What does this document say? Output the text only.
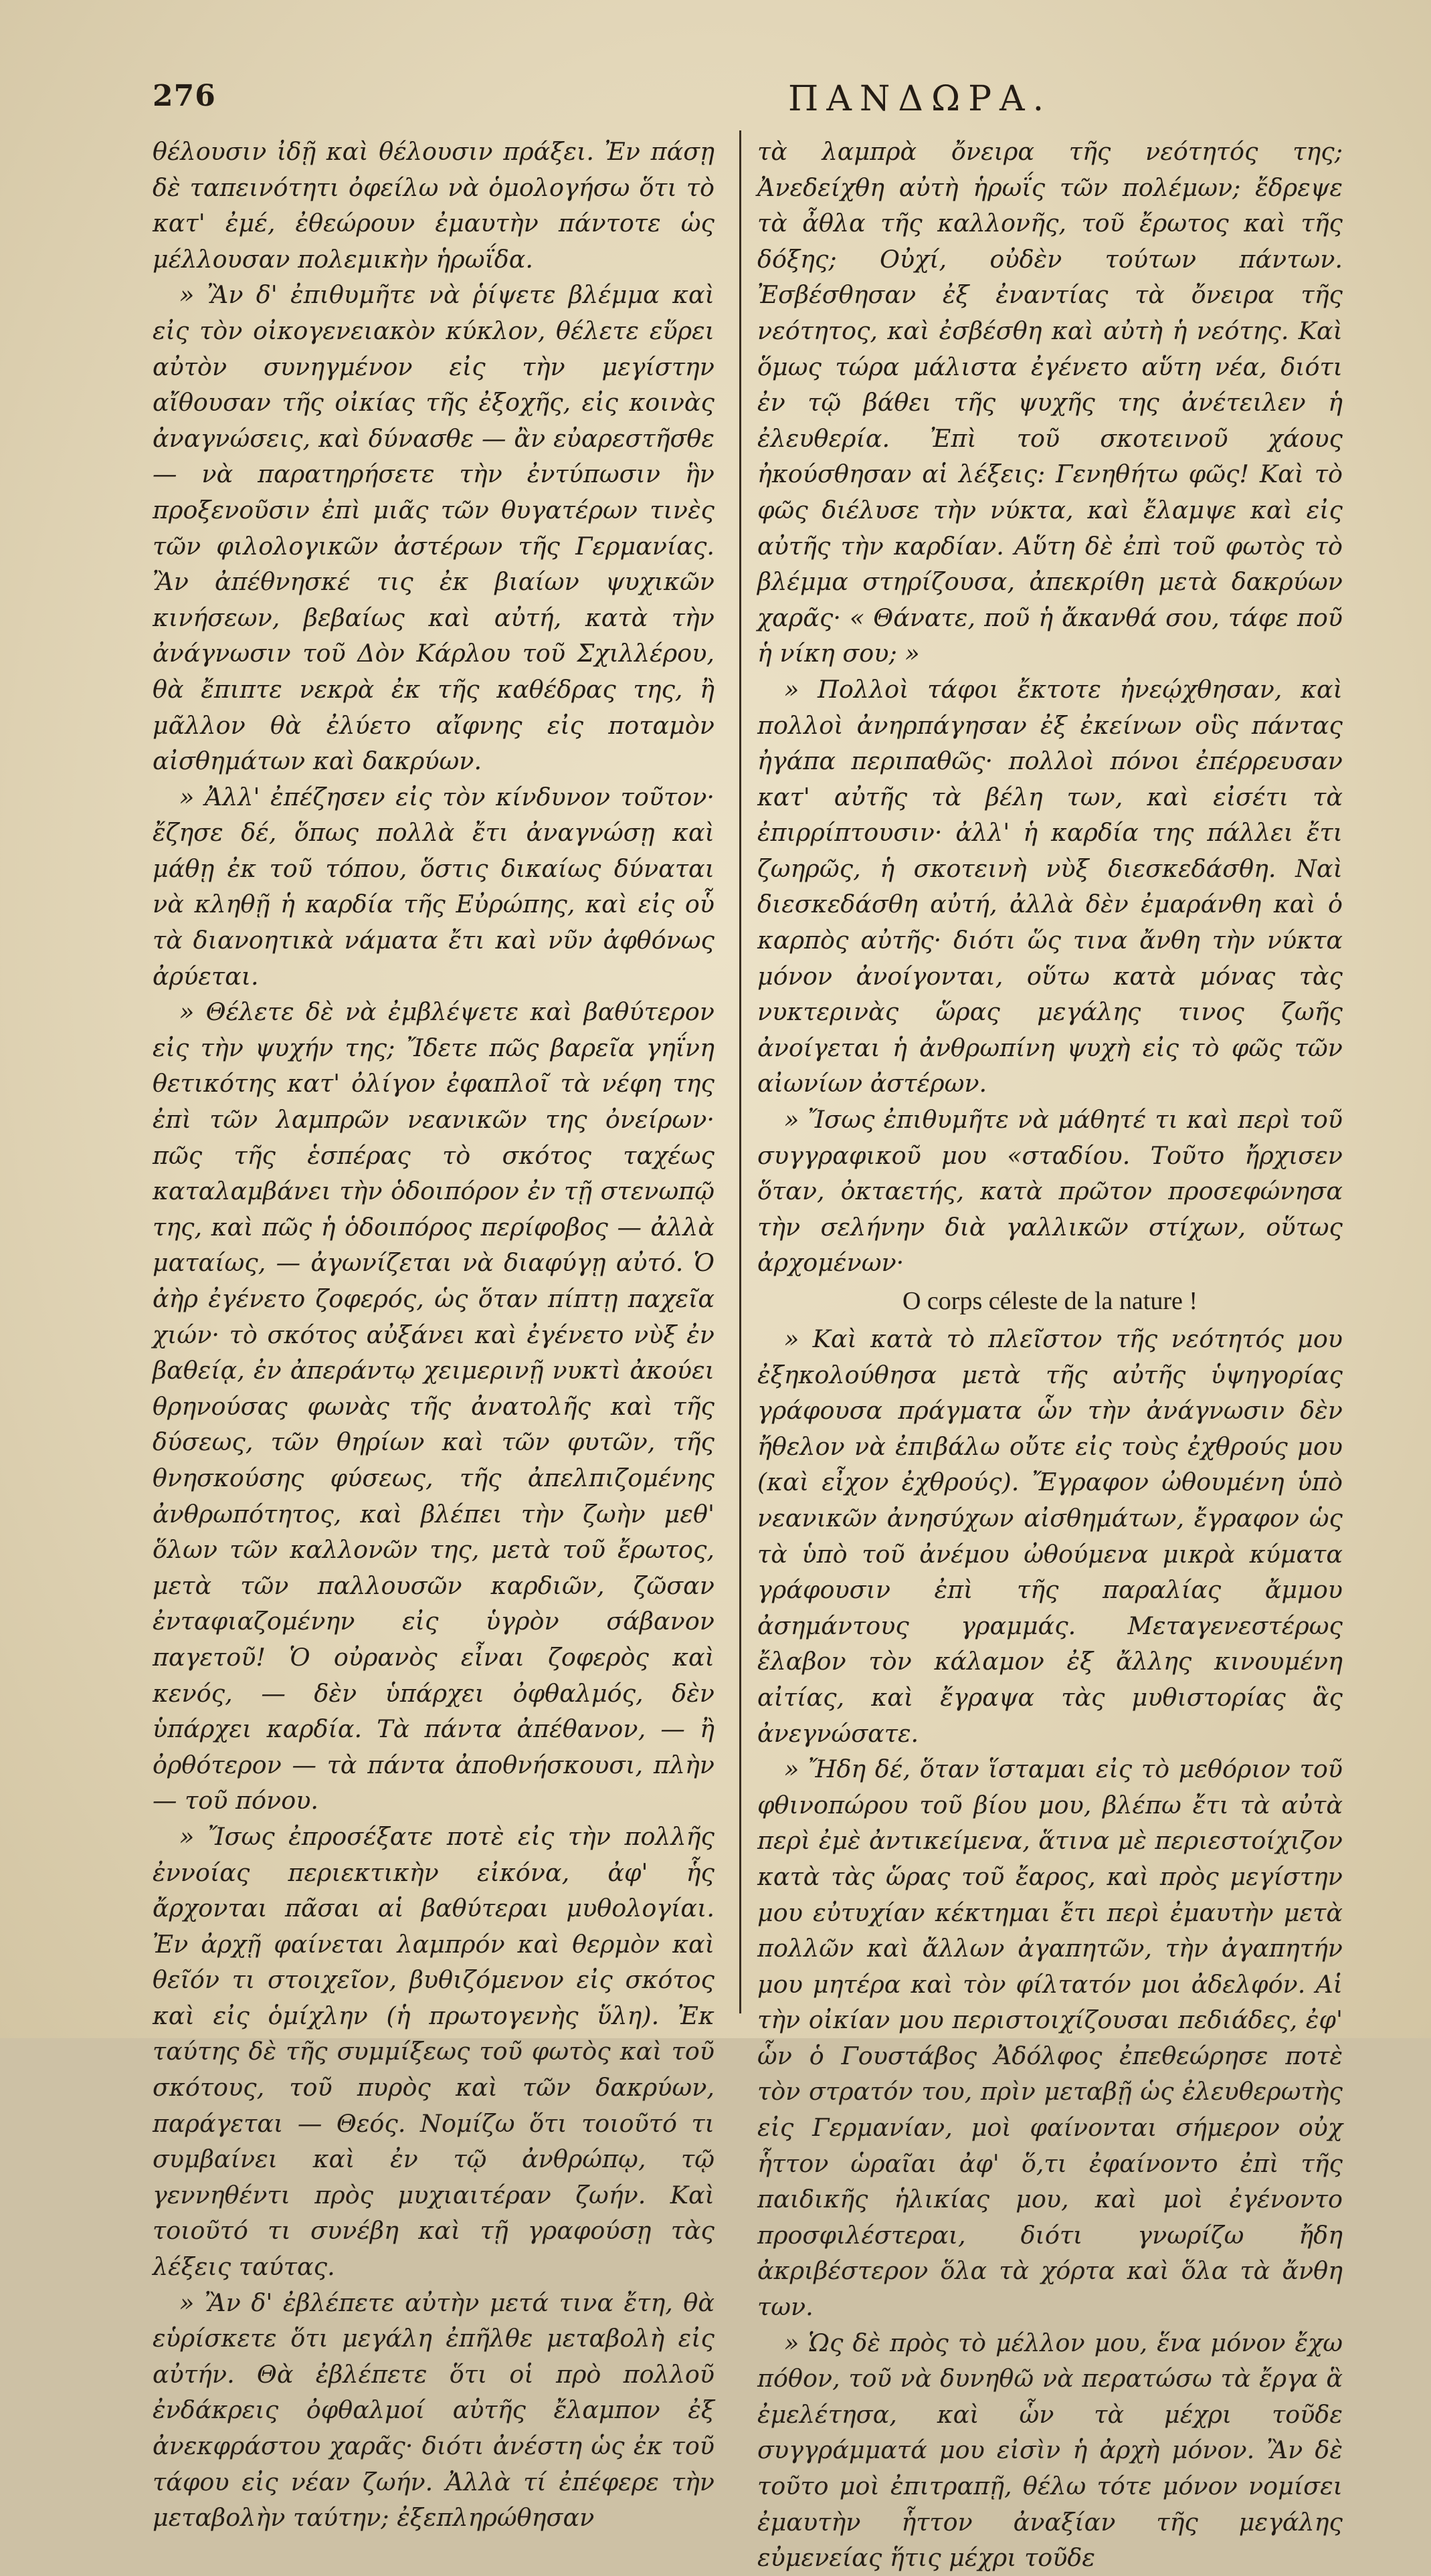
276	ΠΑΝΔΩΡΑ.

θέλουσιν ἰδῇ καὶ θέλουσιν πράξει. Ἐν πάσῃ δὲ ταπεινότητι ὀφείλω νὰ ὁμολογήσω ὅτι τὸ κατ' ἐμέ, ἐθεώρουν ἐμαυτὴν πάντοτε ὡς μέλλουσαν πολεμικὴν ἡρωΐδα.

» Ἂν δ' ἐπιθυμῆτε νὰ ῥίψετε βλέμμα καὶ εἰς τὸν οἰκογενειακὸν κύκλον, θέλετε εὕρει αὐτὸν συνηγμένον εἰς τὴν μεγίστην αἴθουσαν τῆς οἰκίας τῆς ἐξοχῆς, εἰς κοινὰς ἀναγνώσεις, καὶ δύνασθε — ἂν εὐαρεστῆσθε — νὰ παρατηρήσετε τὴν ἐντύπωσιν ἣν προξενοῦσιν ἐπὶ μιᾶς τῶν θυγατέρων τινὲς τῶν φιλολογικῶν ἀστέρων τῆς Γερμανίας. Ἂν ἀπέθνησκέ τις ἐκ βιαίων ψυχικῶν κινήσεων, βεβαίως καὶ αὐτή, κατὰ τὴν ἀνάγνωσιν τοῦ Δὸν Κάρλου τοῦ Σχιλλέρου, θὰ ἔπιπτε νεκρὰ ἐκ τῆς καθέδρας της, ἢ μᾶλλον θὰ ἐλύετο αἴφνης εἰς ποταμὸν αἰσθημάτων καὶ δακρύων.

» Ἀλλ' ἐπέζησεν εἰς τὸν κίνδυνον τοῦτον· ἔζησε δέ, ὅπως πολλὰ ἔτι ἀναγνώσῃ καὶ μάθῃ ἐκ τοῦ τόπου, ὅστις δικαίως δύναται νὰ κληθῇ ἡ καρδία τῆς Εὐρώπης, καὶ εἰς οὗ τὰ διανοητικὰ νάματα ἔτι καὶ νῦν ἀφθόνως ἀρύεται.

» Θέλετε δὲ νὰ ἐμβλέψετε καὶ βαθύτερον εἰς τὴν ψυχήν της; Ἴδετε πῶς βαρεῖα γηΐνη θετικότης κατ' ὀλίγον ἐφαπλοῖ τὰ νέφη της ἐπὶ τῶν λαμπρῶν νεανικῶν της ὀνείρων· πῶς τῆς ἑσπέρας τὸ σκότος ταχέως καταλαμβάνει τὴν ὁδοιπόρον ἐν τῇ στενωπῷ της, καὶ πῶς ἡ ὁδοιπόρος περίφοβος — ἀλλὰ ματαίως, — ἀγωνίζεται νὰ διαφύγῃ αὐτό. Ὁ ἀὴρ ἐγένετο ζοφερός, ὡς ὅταν πίπτῃ παχεῖα χιών· τὸ σκότος αὐξάνει καὶ ἐγένετο νὺξ ἐν βαθείᾳ, ἐν ἀπεράντῳ χειμερινῇ νυκτὶ ἀκούει θρηνούσας φωνὰς τῆς ἀνατολῆς καὶ τῆς δύσεως, τῶν θηρίων καὶ τῶν φυτῶν, τῆς θνησκούσης φύσεως, τῆς ἀπελπιζομένης ἀνθρωπότητος, καὶ βλέπει τὴν ζωὴν μεθ' ὅλων τῶν καλλονῶν της, μετὰ τοῦ ἔρωτος, μετὰ τῶν παλλουσῶν καρδιῶν, ζῶσαν ἐνταφιαζομένην εἰς ὑγρὸν σάβανον παγετοῦ! Ὁ οὐρανὸς εἶναι ζοφερὸς καὶ κενός, — δὲν ὑπάρχει ὀφθαλμός, δὲν ὑπάρχει καρδία. Τὰ πάντα ἀπέθανον, — ἢ ὀρθότερον — τὰ πάντα ἀποθνήσκουσι, πλὴν — τοῦ πόνου.

» Ἴσως ἐπροσέξατε ποτὲ εἰς τὴν πολλῆς ἐννοίας περιεκτικὴν εἰκόνα, ἀφ' ἧς ἄρχονται πᾶσαι αἱ βαθύτεραι μυθολογίαι. Ἐν ἀρχῇ φαίνεται λαμπρόν καὶ θερμὸν καὶ θεῖόν τι στοιχεῖον, βυθιζόμενον εἰς σκότος καὶ εἰς ὁμίχλην (ἡ πρωτογενὴς ὕλη). Ἐκ ταύτης δὲ τῆς συμμίξεως τοῦ φωτὸς καὶ τοῦ σκότους, τοῦ πυρὸς καὶ τῶν δακρύων, παράγεται — Θεός. Νομίζω ὅτι τοιοῦτό τι συμβαίνει καὶ ἐν τῷ ἀνθρώπῳ, τῷ γεννηθέντι πρὸς μυχιαιτέραν ζωήν. Καὶ τοιοῦτό τι συνέβη καὶ τῇ γραφούσῃ τὰς λέξεις ταύτας.

» Ἂν δ' ἐβλέπετε αὐτὴν μετά τινα ἔτη, θὰ εὑρίσκετε ὅτι μεγάλη ἐπῆλθε μεταβολὴ εἰς αὐτήν. Θὰ ἐβλέπετε ὅτι οἱ πρὸ πολλοῦ ἐνδάκρεις ὀφθαλμοί αὐτῆς ἔλαμπον ἐξ ἀνεκφράστου χαρᾶς· διότι ἀνέστη ὡς ἐκ τοῦ τάφου εἰς νέαν ζωήν. Ἀλλὰ τί ἐπέφερε τὴν μεταβολὴν ταύτην; ἐξεπληρώθησαν

τὰ λαμπρὰ ὄνειρα τῆς νεότητός της; Ἀνεδείχθη αὐτὴ ἡρωΐς τῶν πολέμων; ἔδρεψε τὰ ἆθλα τῆς καλλονῆς, τοῦ ἔρωτος καὶ τῆς δόξης; Οὐχί, οὐδὲν τούτων πάντων. Ἐσβέσθησαν ἐξ ἐναντίας τὰ ὄνειρα τῆς νεότητος, καὶ ἐσβέσθη καὶ αὐτὴ ἡ νεότης. Καὶ ὅμως τώρα μάλιστα ἐγένετο αὕτη νέα, διότι ἐν τῷ βάθει τῆς ψυχῆς της ἀνέτειλεν ἡ ἐλευθερία. Ἐπὶ τοῦ σκοτεινοῦ χάους ἠκούσθησαν αἱ λέξεις: Γενηθήτω φῶς! Καὶ τὸ φῶς διέλυσε τὴν νύκτα, καὶ ἔλαμψε καὶ εἰς αὐτῆς τὴν καρδίαν. Αὕτη δὲ ἐπὶ τοῦ φωτὸς τὸ βλέμμα στηρίζουσα, ἀπεκρίθη μετὰ δακρύων χαρᾶς· « Θάνατε, ποῦ ἡ ἄκανθά σου, τάφε ποῦ ἡ νίκη σου; »

» Πολλοὶ τάφοι ἔκτοτε ἠνεῴχθησαν, καὶ πολλοὶ ἀνηρπάγησαν ἐξ ἐκείνων οὓς πάντας ἠγάπα περιπαθῶς· πολλοὶ πόνοι ἐπέρρευσαν κατ' αὐτῆς τὰ βέλη των, καὶ εἰσέτι τὰ ἐπιρρίπτουσιν· ἀλλ' ἡ καρδία της πάλλει ἔτι ζωηρῶς, ἡ σκοτεινὴ νὺξ διεσκεδάσθη. Ναὶ διεσκεδάσθη αὐτή, ἀλλὰ δὲν ἐμαράνθη καὶ ὁ καρπὸς αὐτῆς· διότι ὥς τινα ἄνθη τὴν νύκτα μόνον ἀνοίγονται, οὕτω κατὰ μόνας τὰς νυκτερινὰς ὥρας μεγάλης τινος ζωῆς ἀνοίγεται ἡ ἀνθρωπίνη ψυχὴ εἰς τὸ φῶς τῶν αἰωνίων ἀστέρων.

» Ἴσως ἐπιθυμῆτε νὰ μάθητέ τι καὶ περὶ τοῦ συγγραφικοῦ μου «σταδίου. Τοῦτο ἤρχισεν ὅταν, ὀκταετής, κατὰ πρῶτον προσεφώνησα τὴν σελήνην διὰ γαλλικῶν στίχων, οὕτως ἀρχομένων·

O corps céleste de la nature !

» Καὶ κατὰ τὸ πλεῖστον τῆς νεότητός μου ἐξηκολούθησα μετὰ τῆς αὐτῆς ὑψηγορίας γράφουσα πράγματα ὧν τὴν ἀνάγνωσιν δὲν ἤθελον νὰ ἐπιβάλω οὔτε εἰς τοὺς ἐχθρούς μου (καὶ εἶχον ἐχθρούς). Ἔγραφον ὠθουμένη ὑπὸ νεανικῶν ἀνησύχων αἰσθημάτων, ἔγραφον ὡς τὰ ὑπὸ τοῦ ἀνέμου ὠθούμενα μικρὰ κύματα γράφουσιν ἐπὶ τῆς παραλίας ἄμμου ἀσημάντους γραμμάς. Μεταγενεστέρως ἔλαβον τὸν κάλαμον ἐξ ἄλλης κινουμένη αἰτίας, καὶ ἔγραψα τὰς μυθιστορίας ἃς ἀνεγνώσατε.

» Ἤδη δέ, ὅταν ἵσταμαι εἰς τὸ μεθόριον τοῦ φθινοπώρου τοῦ βίου μου, βλέπω ἔτι τὰ αὐτὰ περὶ ἐμὲ ἀντικείμενα, ἅτινα μὲ περιεστοίχιζον κατὰ τὰς ὥρας τοῦ ἔαρος, καὶ πρὸς μεγίστην μου εὐτυχίαν κέκτημαι ἔτι περὶ ἐμαυτὴν μετὰ πολλῶν καὶ ἄλλων ἀγαπητῶν, τὴν ἀγαπητήν μου μητέρα καὶ τὸν φίλτατόν μοι ἀδελφόν. Αἱ τὴν οἰκίαν μου περιστοιχίζουσαι πεδιάδες, ἐφ' ὧν ὁ Γουστάβος Ἀδόλφος ἐπεθεώρησε ποτὲ τὸν στρατόν του, πρὶν μεταβῇ ὡς ἐλευθερωτὴς εἰς Γερμανίαν, μοὶ φαίνονται σήμερον οὐχ ἧττον ὡραῖαι ἀφ' ὅ,τι ἐφαίνοντο ἐπὶ τῆς παιδικῆς ἡλικίας μου, καὶ μοὶ ἐγένοντο προσφιλέστεραι, διότι γνωρίζω ἤδη ἀκριβέστερον ὅλα τὰ χόρτα καὶ ὅλα τὰ ἄνθη των.

» Ὡς δὲ πρὸς τὸ μέλλον μου, ἕνα μόνον ἔχω πόθον, τοῦ νὰ δυνηθῶ νὰ περατώσω τὰ ἔργα ἃ ἐμελέτησα, καὶ ὧν τὰ μέχρι τοῦδε συγγράμματά μου εἰσὶν ἡ ἀρχὴ μόνον. Ἂν δὲ τοῦτο μοὶ ἐπιτραπῇ, θέλω τότε μόνον νομίσει ἐμαυτὴν ἧττον ἀναξίαν τῆς μεγάλης εὐμενείας ἥτις μέχρι τοῦδε
